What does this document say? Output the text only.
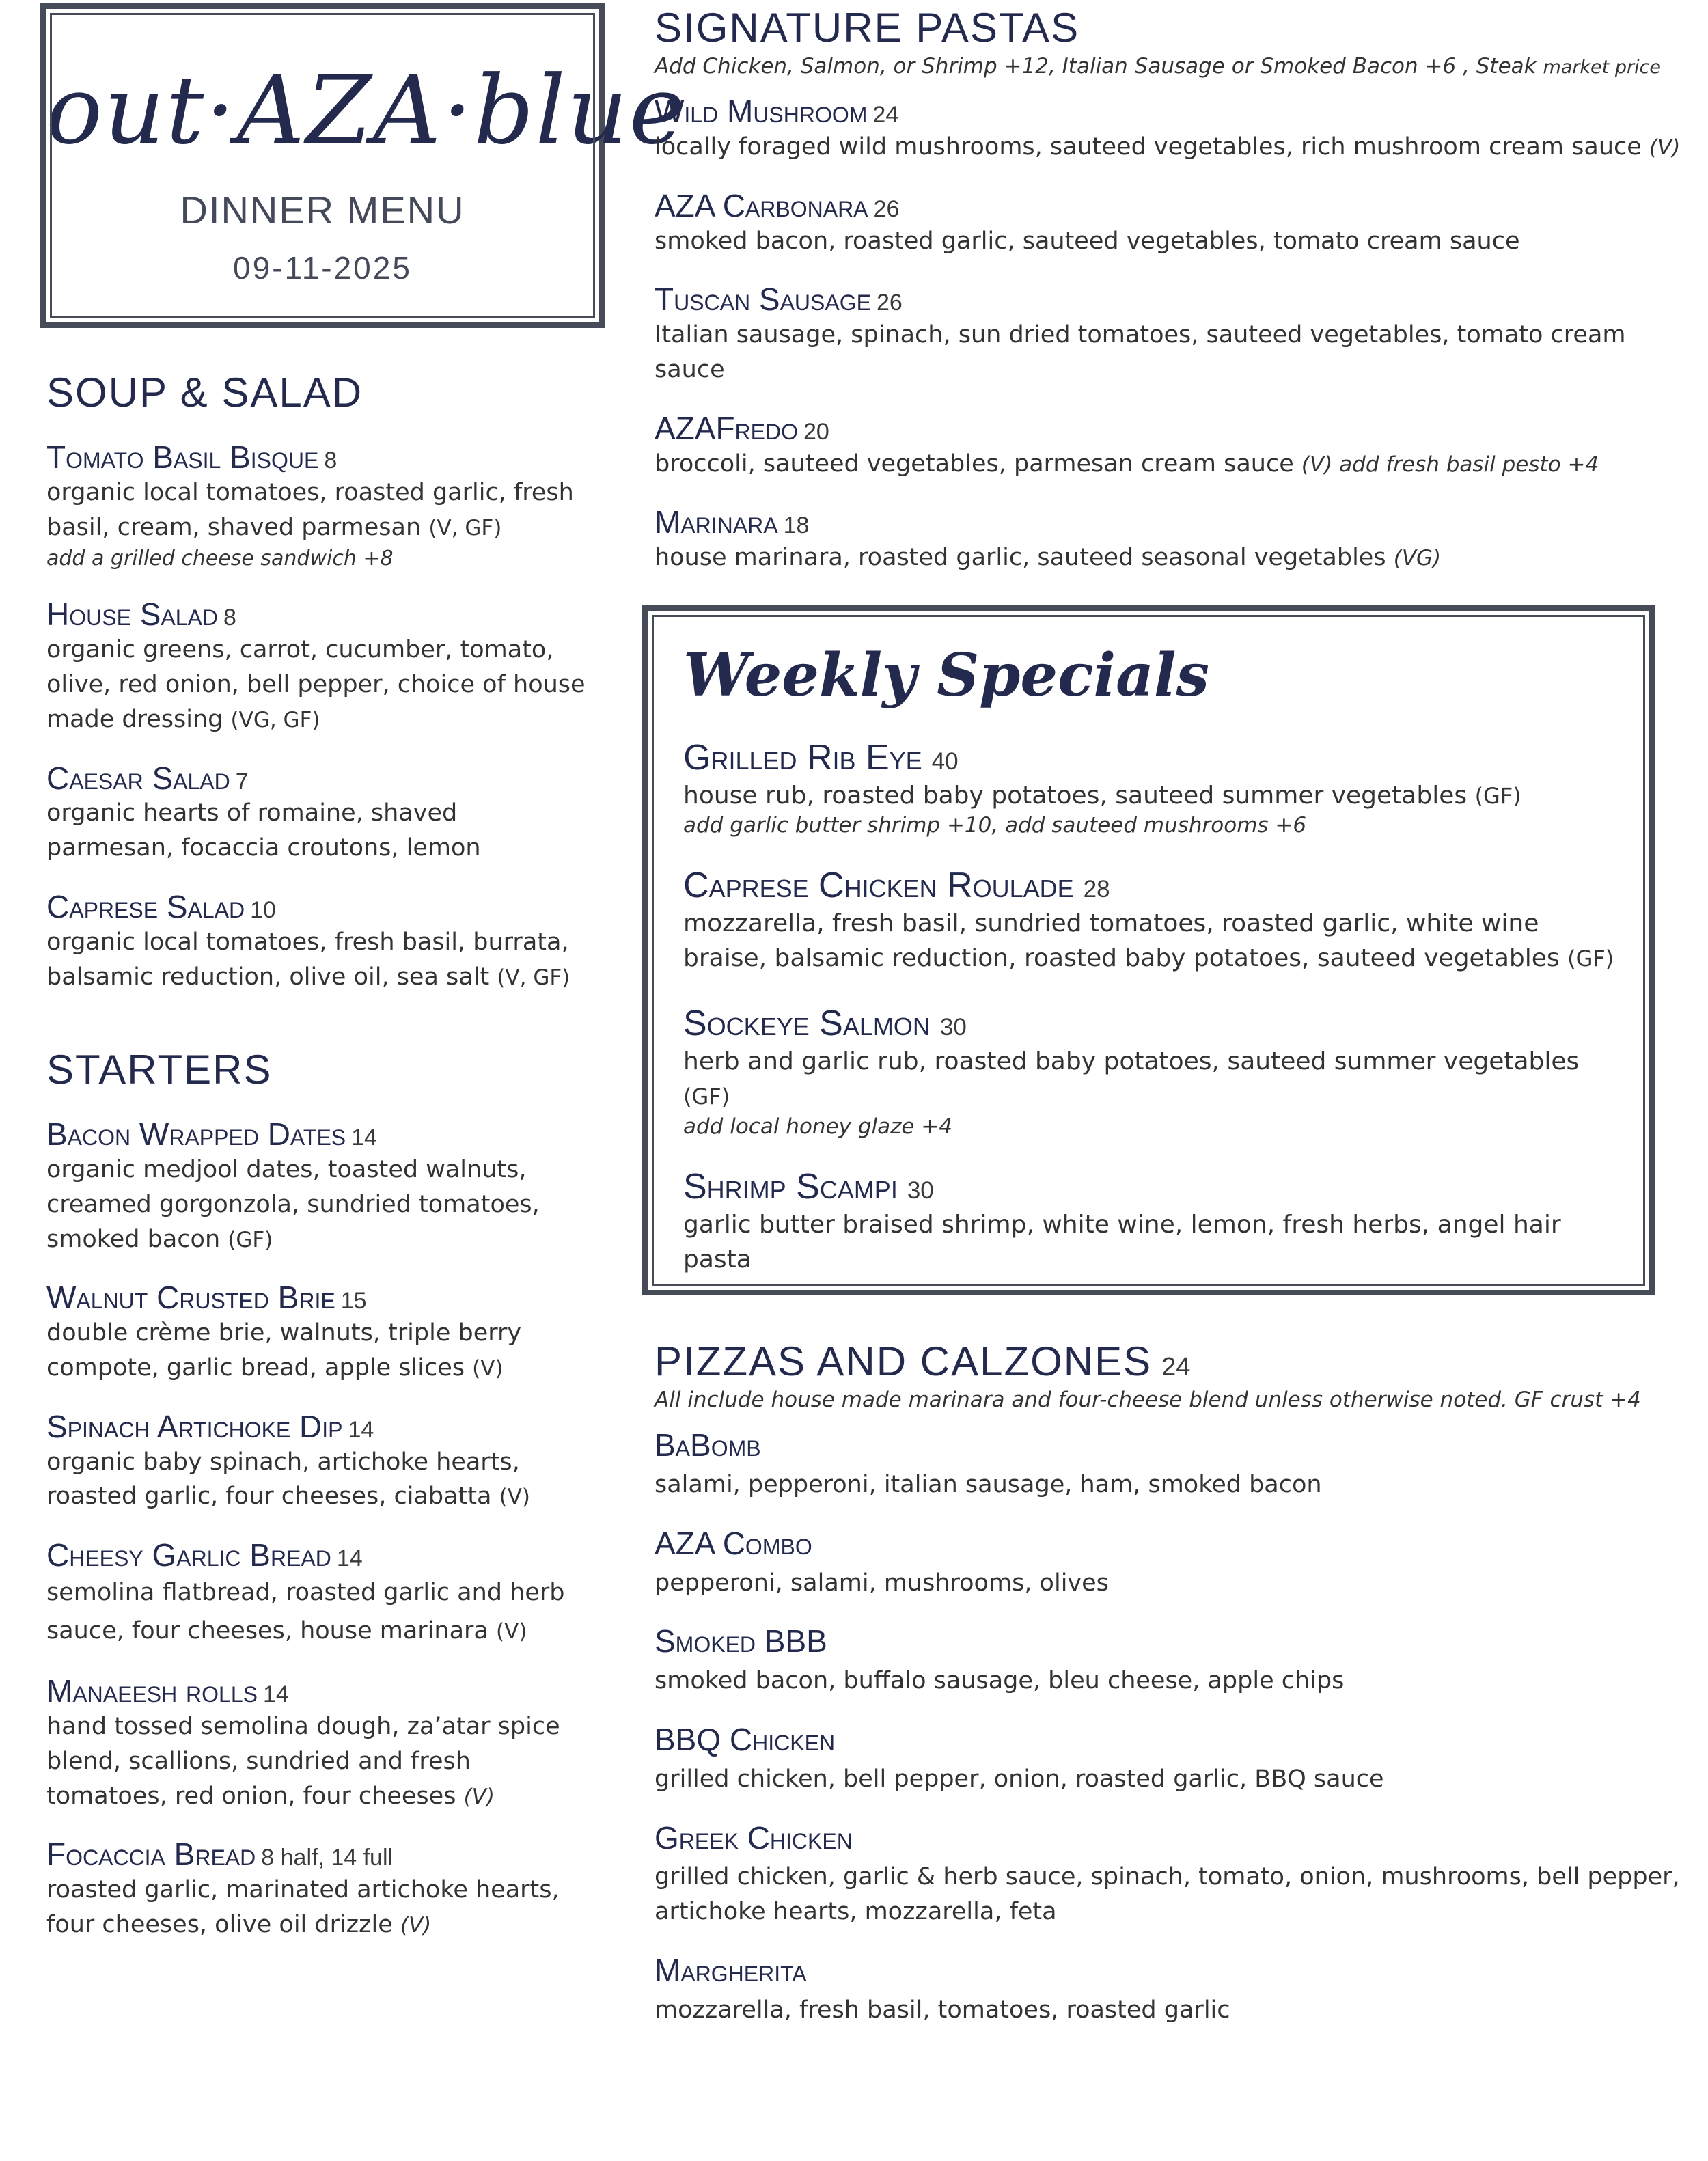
out·AZA·blue
DINNER MENU
09-11-2025
SOUP & SALAD
Tomato Basil Bisque 8
organic local tomatoes, roasted garlic, fresh basil, cream, shaved parmesan (V, GF)
add a grilled cheese sandwich +8
House Salad 8
organic greens, carrot, cucumber, tomato, olive, red onion, bell pepper, choice of house made dressing (VG, GF)
Caesar Salad 7
organic hearts of romaine, shaved parmesan, focaccia croutons, lemon
Caprese Salad 10
organic local tomatoes, fresh basil, burrata, balsamic reduction, olive oil, sea salt (V, GF)
STARTERS
Bacon Wrapped Dates 14
organic medjool dates, toasted walnuts, creamed gorgonzola, sundried tomatoes, smoked bacon (GF)
Walnut Crusted Brie 15
double crème brie, walnuts, triple berry compote, garlic bread, apple slices (V)
Spinach Artichoke Dip 14
organic baby spinach, artichoke hearts, roasted garlic, four cheeses, ciabatta (V)
Cheesy Garlic Bread 14
semolina flatbread, roasted garlic and herb sauce, four cheeses, house marinara (V)
Manaeesh rolls 14
hand tossed semolina dough, za’atar spice blend, scallions, sundried and fresh tomatoes, red onion, four cheeses (V)
Focaccia Bread 8 half, 14 full
roasted garlic, marinated artichoke hearts, four cheeses, olive oil drizzle (V)
SIGNATURE PASTAS
Add Chicken, Salmon, or Shrimp +12, Italian Sausage or Smoked Bacon +6 , Steak market price
Wild Mushroom 24
locally foraged wild mushrooms, sauteed vegetables, rich mushroom cream sauce (V)
AZA Carbonara 26
smoked bacon, roasted garlic, sauteed vegetables, tomato cream sauce
Tuscan Sausage 26
Italian sausage, spinach, sun dried tomatoes, sauteed vegetables, tomato cream sauce
AZAFredo 20
broccoli, sauteed vegetables, parmesan cream sauce (V) add fresh basil pesto +4
Marinara 18
house marinara, roasted garlic, sauteed seasonal vegetables (VG)
Weekly Specials
Grilled Rib Eye 40
house rub, roasted baby potatoes, sauteed summer vegetables (GF)
add garlic butter shrimp +10, add sauteed mushrooms +6
Caprese Chicken Roulade 28
mozzarella, fresh basil, sundried tomatoes, roasted garlic, white wine braise, balsamic reduction, roasted baby potatoes, sauteed vegetables (GF)
Sockeye Salmon 30
herb and garlic rub, roasted baby potatoes, sauteed summer vegetables (GF)
add local honey glaze +4
Shrimp Scampi 30
garlic butter braised shrimp, white wine, lemon, fresh herbs, angel hair pasta
PIZZAS AND CALZONES 24
All include house made marinara and four-cheese blend unless otherwise noted. GF crust +4
BaBomb
salami, pepperoni, italian sausage, ham, smoked bacon
AZA Combo
pepperoni, salami, mushrooms, olives
Smoked BBB
smoked bacon, buffalo sausage, bleu cheese, apple chips
BBQ Chicken
grilled chicken, bell pepper, onion, roasted garlic, BBQ sauce
Greek Chicken
grilled chicken, garlic & herb sauce, spinach, tomato, onion, mushrooms, bell pepper, artichoke hearts, mozzarella, feta
Margherita
mozzarella, fresh basil, tomatoes, roasted garlic
